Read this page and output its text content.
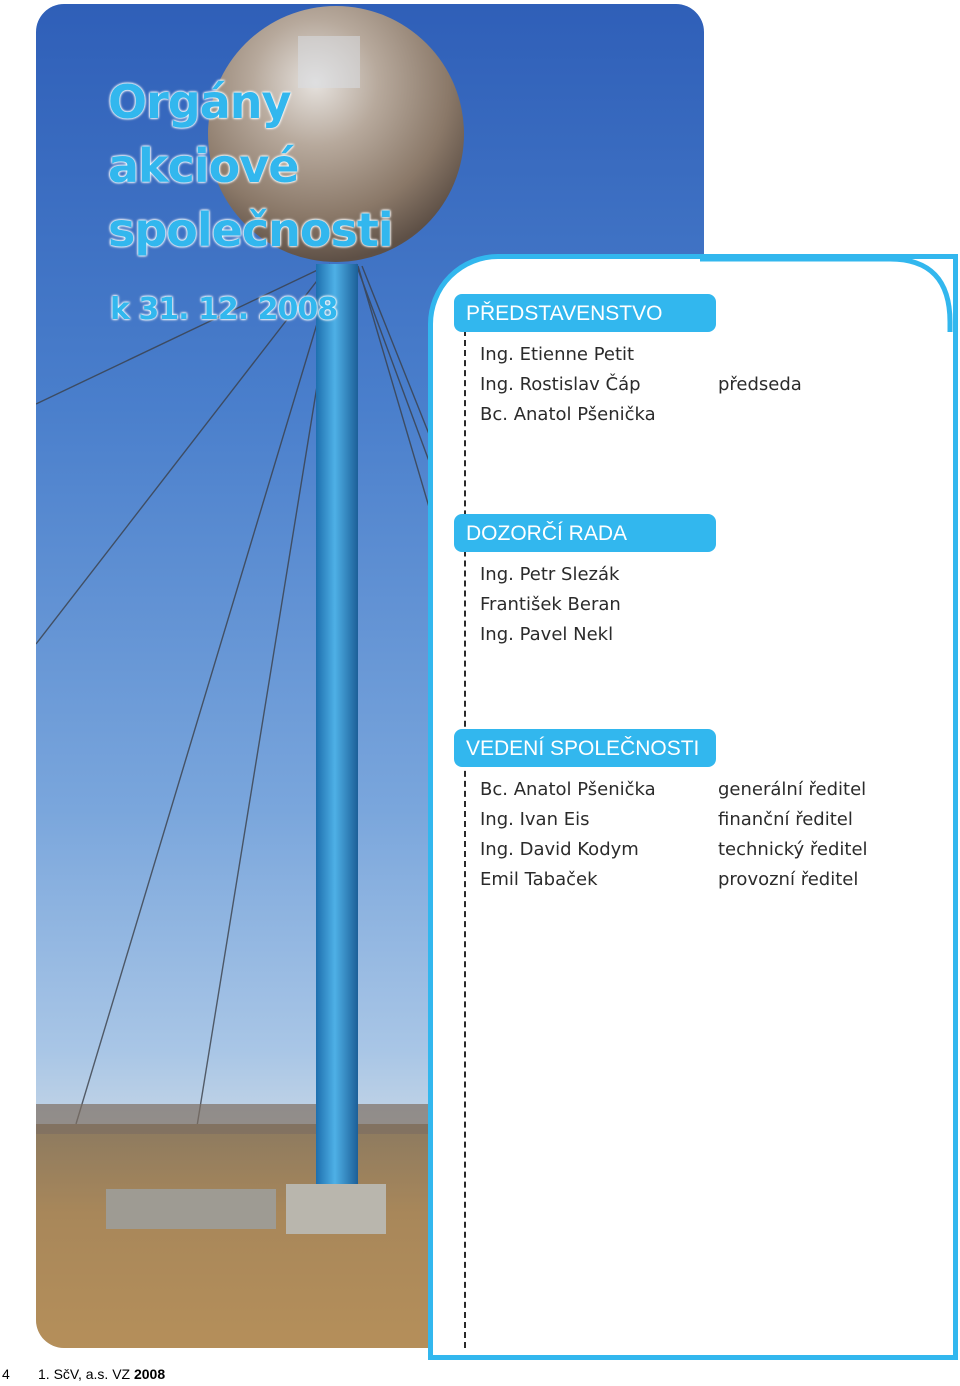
Orgány
akciové
společnosti
k 31. 12. 2008	PŘEDSTAVENSTVO
Ing. Etienne Petit
Ing. Rostislav Čáp	předseda
Bc. Anatol Pšenička
DOZORČÍ RADA
Ing. Petr Slezák
František Beran
Ing. Pavel Nekl
VEDENÍ SPOLEČNOSTI
Bc. Anatol Pšenička	generální ředitel
Ing. Ivan Eis	finanční ředitel
Ing. David Kodym	technický ředitel
Emil Tabaček	provozní ředitel
4 1. SčV, a.s. VZ 2008
